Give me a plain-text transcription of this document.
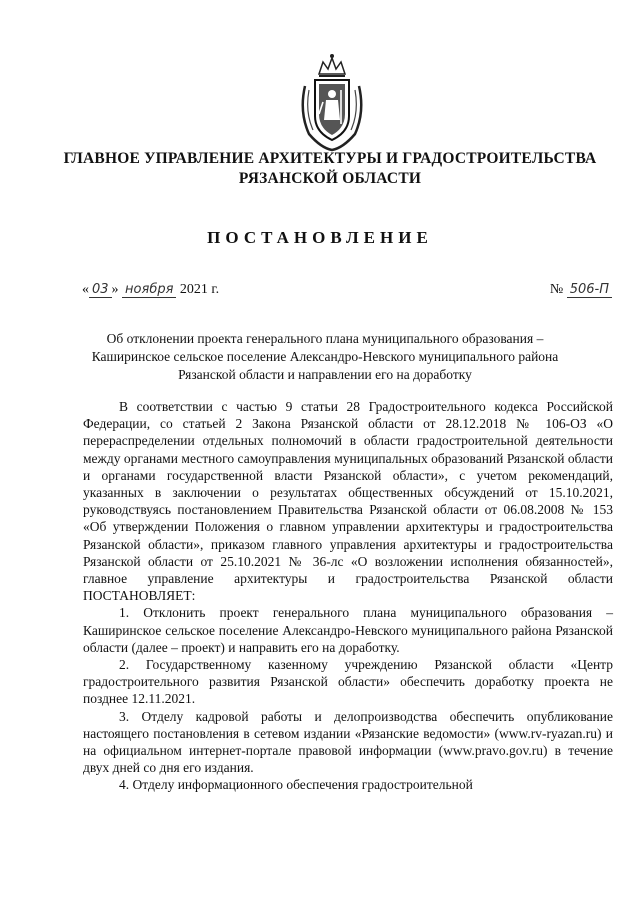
ГЛАВНОЕ УПРАВЛЕНИЕ АРХИТЕКТУРЫ И ГРАДОСТРОИТЕЛЬСТВА
РЯЗАНСКОЙ ОБЛАСТИ
ПОСТАНОВЛЕНИЕ
« 03 » ноября 2021 г.	№ 506-П
Об отклонении проекта генерального плана муниципального образования – Каширинское сельское поселение Александро-Невского муниципального района Рязанской области и направлении его на доработку

В соответствии с частью 9 статьи 28 Градостроительного кодекса Российской Федерации, со статьей 2 Закона Рязанской области от 28.12.2018 № 106-ОЗ «О перераспределении отдельных полномочий в области градостроительной деятельности между органами местного самоуправления муниципальных образований Рязанской области и органами государственной власти Рязанской области», с учетом рекомендаций, указанных в заключении о результатах общественных обсуждений от 15.10.2021, руководствуясь постановлением Правительства Рязанской области от 06.08.2008 № 153 «Об утверждении Положения о главном управлении архитектуры и градостроительства Рязанской области», приказом главного управления архитектуры и градостроительства Рязанской области от 25.10.2021 № 36-лс «О возложении исполнения обязанностей», главное управление архитектуры и градостроительства Рязанской области ПОСТАНОВЛЯЕТ:

1. Отклонить проект генерального плана муниципального образования – Каширинское сельское поселение Александро-Невского муниципального района Рязанской области (далее – проект) и направить его на доработку.

2. Государственному казенному учреждению Рязанской области «Центр градостроительного развития Рязанской области» обеспечить доработку проекта не позднее 12.11.2021.

3. Отделу кадровой работы и делопроизводства обеспечить опубликование настоящего постановления в сетевом издании «Рязанские ведомости» (www.rv-ryazan.ru) и на официальном интернет-портале правовой информации (www.pravo.gov.ru) в течение двух дней со дня его издания.

4. Отделу информационного обеспечения градостроительной
